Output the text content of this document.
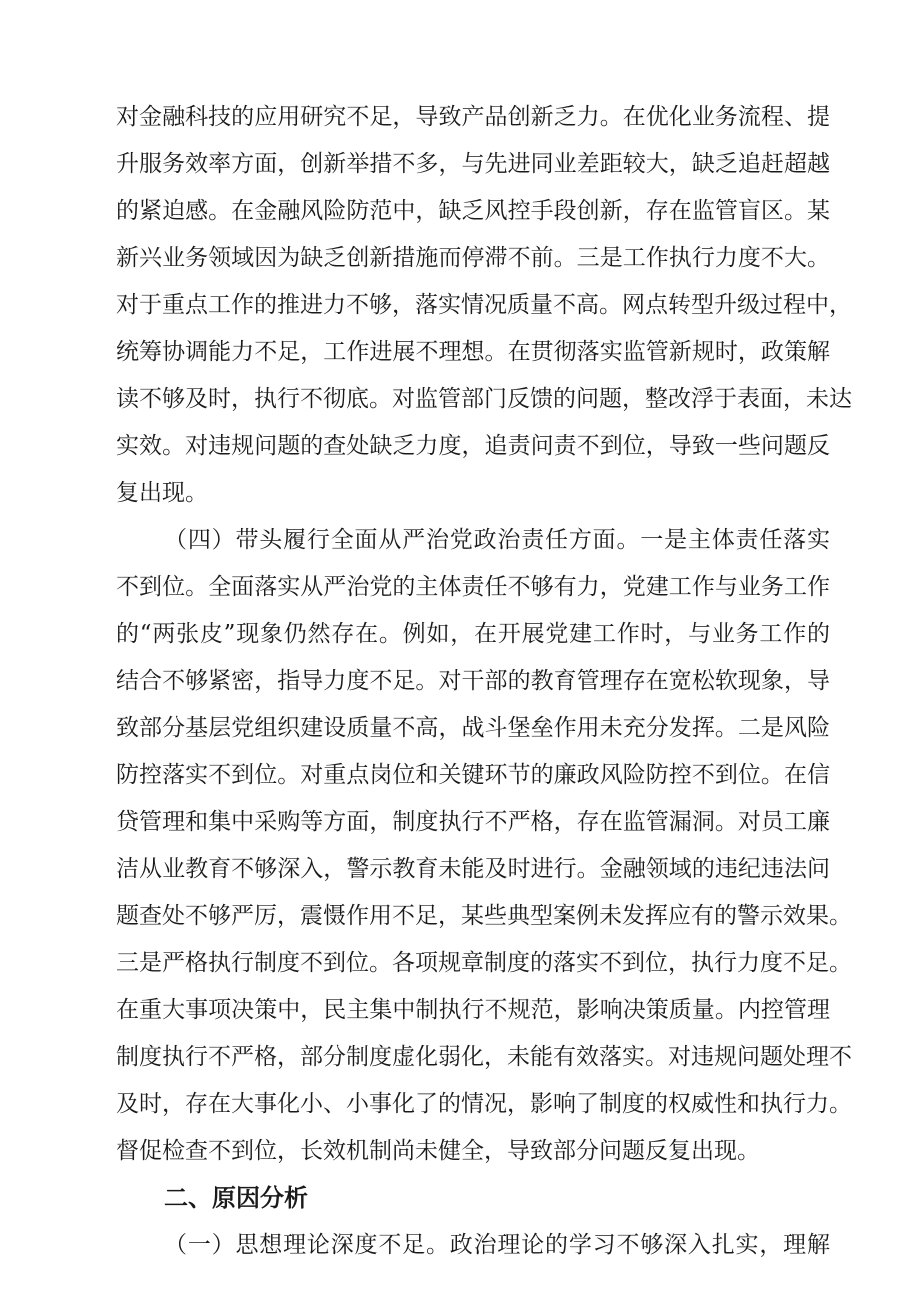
对金融科技的应用研究不足，导致产品创新乏力。在优化业务流程、提
升服务效率方面，创新举措不多，与先进同业差距较大，缺乏追赶超越
的紧迫感。在金融风险防范中，缺乏风控手段创新，存在监管盲区。某
新兴业务领域因为缺乏创新措施而停滞不前。三是工作执行力度不大。
对于重点工作的推进力不够，落实情况质量不高。网点转型升级过程中，
统筹协调能力不足，工作进展不理想。在贯彻落实监管新规时，政策解
读不够及时，执行不彻底。对监管部门反馈的问题，整改浮于表面，未达
实效。对违规问题的查处缺乏力度，追责问责不到位，导致一些问题反
复出现。
（四）带头履行全面从严治党政治责任方面。一是主体责任落实
不到位。全面落实从严治党的主体责任不够有力，党建工作与业务工作
的“两张皮”现象仍然存在。例如，在开展党建工作时，与业务工作的
结合不够紧密，指导力度不足。对干部的教育管理存在宽松软现象，导
致部分基层党组织建设质量不高，战斗堡垒作用未充分发挥。二是风险
防控落实不到位。对重点岗位和关键环节的廉政风险防控不到位。在信
贷管理和集中采购等方面，制度执行不严格，存在监管漏洞。对员工廉
洁从业教育不够深入，警示教育未能及时进行。金融领域的违纪违法问
题查处不够严厉，震慑作用不足，某些典型案例未发挥应有的警示效果。
三是严格执行制度不到位。各项规章制度的落实不到位，执行力度不足。
在重大事项决策中，民主集中制执行不规范，影响决策质量。内控管理
制度执行不严格，部分制度虚化弱化，未能有效落实。对违规问题处理不
及时，存在大事化小、小事化了的情况，影响了制度的权威性和执行力。
督促检查不到位，长效机制尚未健全，导致部分问题反复出现。
二、原因分析
（一）思想理论深度不足。政治理论的学习不够深入扎实，理解
